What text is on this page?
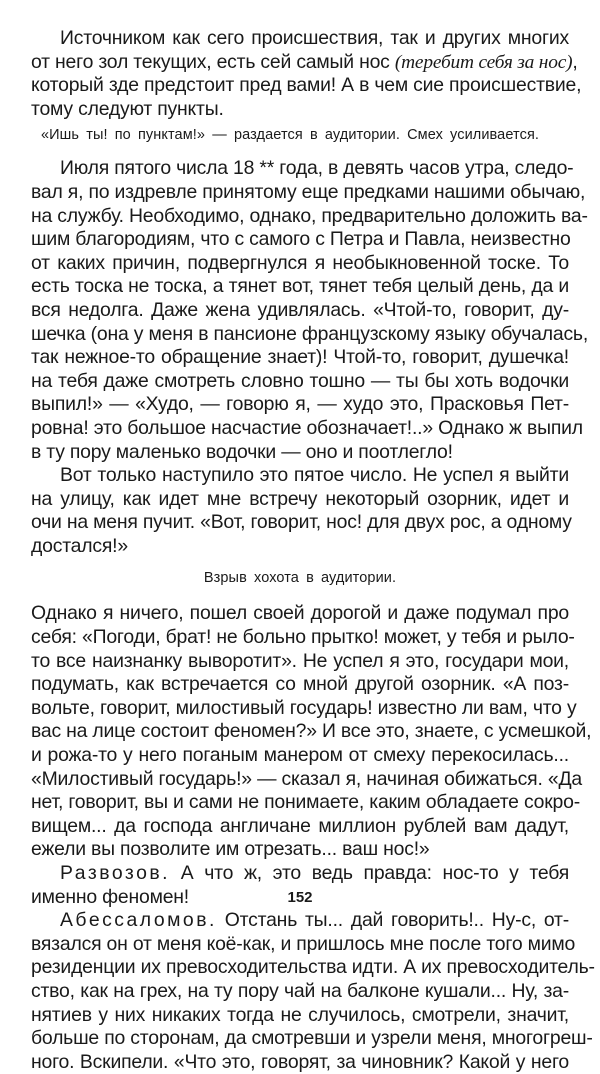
Источником как сего происшествия, так и других многих
от него зол текущих, есть сей самый нос (теребит себя за нос),
который зде предстоит пред вами! А в чем сие происшествие,
тому следуют пункты.
«Ишь ты! по пунктам!» — раздается в аудитории. Смех усиливается.
Июля пятого числа 18 ** года, в девять часов утра, следо-
вал я, по издревле принятому еще предками нашими обычаю,
на службу. Необходимо, однако, предварительно доложить ва-
шим благородиям, что с самого с Петра и Павла, неизвестно
от каких причин, подвергнулся я необыкновенной тоске. То
есть тоска не тоска, а тянет вот, тянет тебя целый день, да и
вся недолга. Даже жена удивлялась. «Чтой-то, говорит, ду-
шечка (она у меня в пансионе французскому языку обучалась,
так нежное-то обращение знает)! Чтой-то, говорит, душечка!
на тебя даже смотреть словно тошно — ты бы хоть водочки
выпил!» — «Худо, — говорю я, — худо это, Прасковья Пет-
ровна! это большое насчастие обозначает!..» Однако ж выпил
в ту пору маленько водочки — оно и поотлегло!
Вот только наступило это пятое число. Не успел я выйти
на улицу, как идет мне встречу некоторый озорник, идет и
очи на меня пучит. «Вот, говорит, нос! для двух рос, а одному
достался!»
Взрыв хохота в аудитории.
Однако я ничего, пошел своей дорогой и даже подумал про
себя: «Погоди, брат! не больно прытко! может, у тебя и рыло-
то все наизнанку выворотит». Не успел я это, государи мои,
подумать, как встречается со мной другой озорник. «А поз-
вольте, говорит, милостивый государь! известно ли вам, что у
вас на лице состоит феномен?» И все это, знаете, с усмешкой,
и рожа-то у него поганым манером от смеху перекосилась...
«Милостивый государь!» — сказал я, начиная обижаться. «Да
нет, говорит, вы и сами не понимаете, каким обладаете сокро-
вищем... да господа англичане миллион рублей вам дадут,
ежели вы позволите им отрезать... ваш нос!»
Развозов. А что ж, это ведь правда: нос-то у тебя
именно феномен!
Абессаломов. Отстань ты... дай говорить!.. Ну-с, от-
вязался он от меня коё-как, и пришлось мне после того мимо
резиденции их превосходительства идти. А их превосходитель-
ство, как на грех, на ту пору чай на балконе кушали... Ну, за-
нятиев у них никаких тогда не случилось, смотрели, значит,
больше по сторонам, да смотревши и узрели меня, многогреш-
ного. Вскипели. «Что это, говорят, за чиновник? Какой у него
152
